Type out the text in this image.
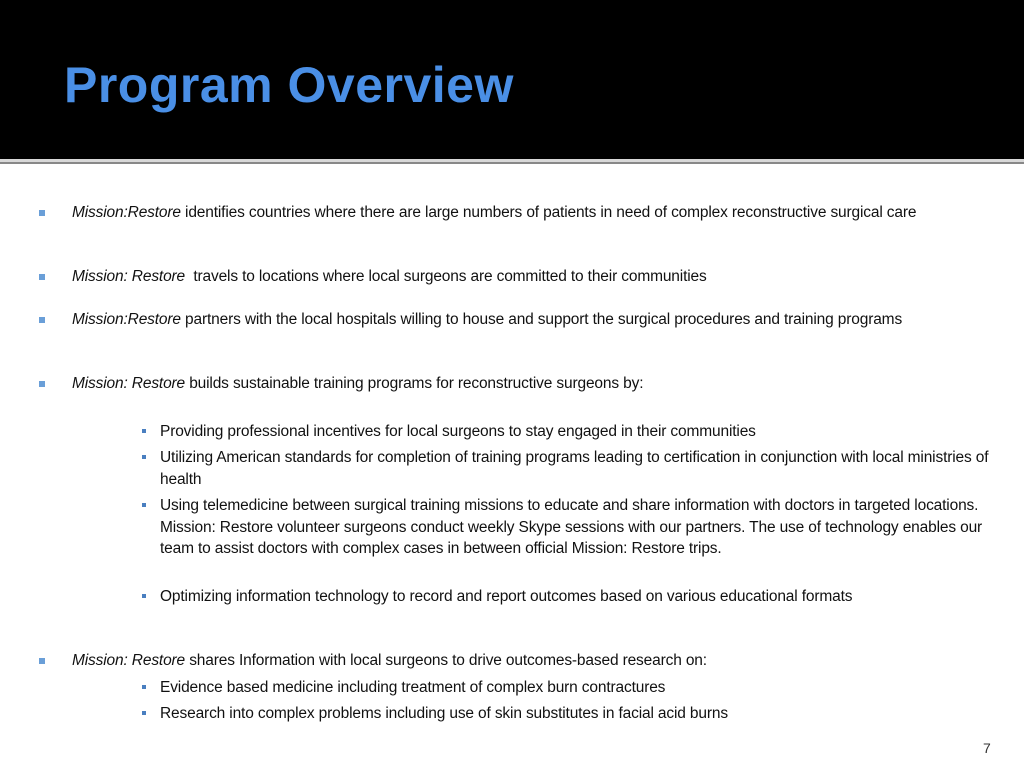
Program Overview
Mission:Restore identifies countries where there are large numbers of patients in need of complex reconstructive surgical care
Mission: Restore  travels to locations where local surgeons are committed to their communities
Mission:Restore partners with the local hospitals willing to house and support the surgical procedures and training programs
Mission: Restore builds sustainable training programs for reconstructive surgeons by:
Providing professional incentives for local surgeons to stay engaged in their communities
Utilizing American standards for completion of training programs leading to certification in conjunction with local ministries of health
Using telemedicine between surgical training missions to educate and share information with doctors in targeted locations. Mission: Restore volunteer surgeons conduct weekly Skype sessions with our partners. The use of technology enables our team to assist doctors with complex cases in between official Mission: Restore trips.
Optimizing information technology to record and report outcomes based on various educational formats
Mission: Restore shares Information with local surgeons to drive outcomes-based research on:
Evidence based medicine including treatment of complex burn contractures
Research into complex problems including use of skin substitutes in facial acid burns
7
